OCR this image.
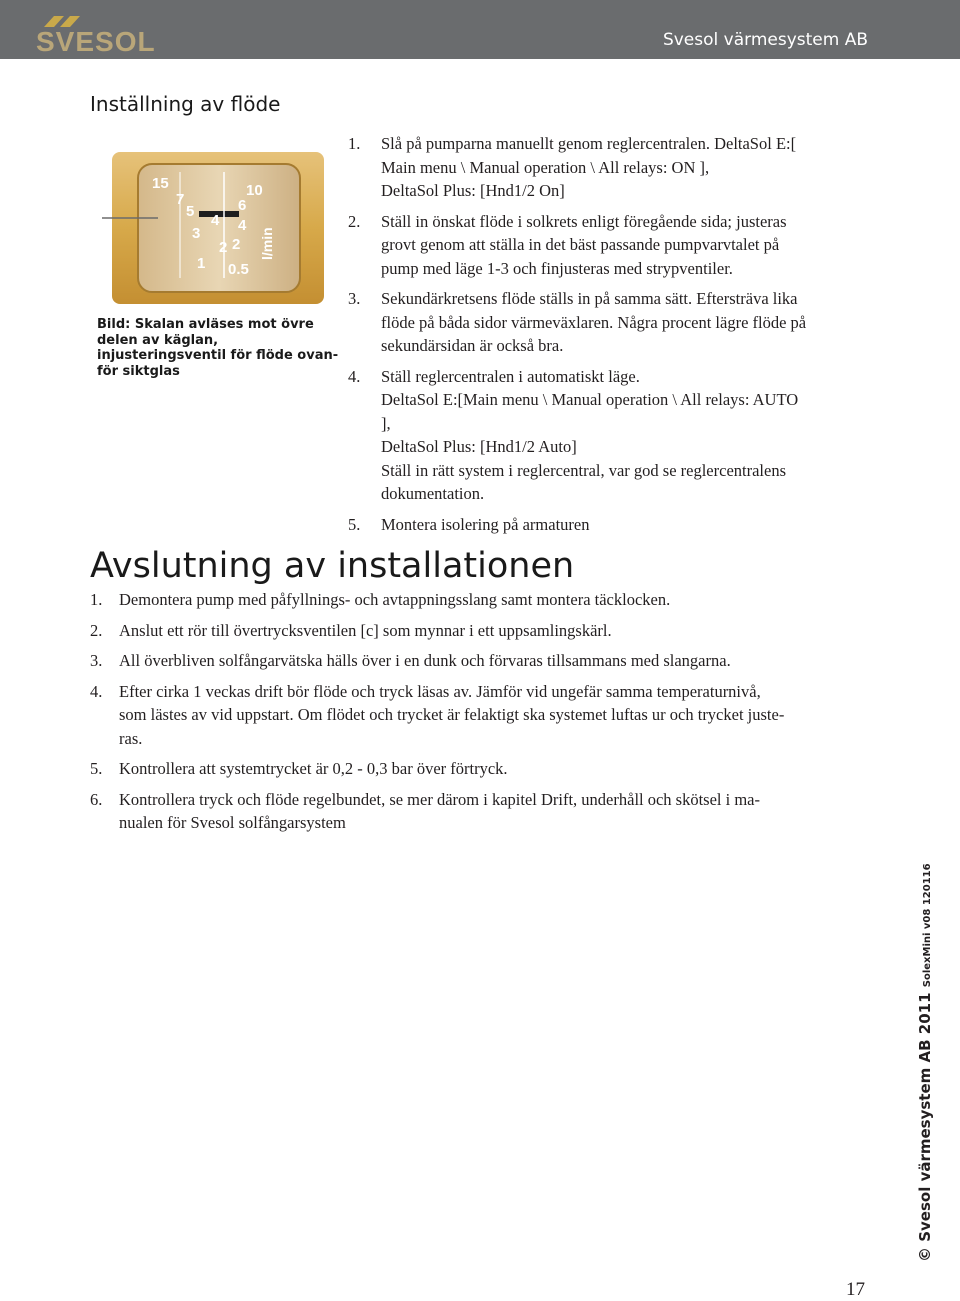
SVESOL	Svesol värmesystem AB
Inställning av flöde
15
7
5
4
3
2
1
10
6
4
2
0.5
l/min
Bild: Skalan avläses mot övre
delen av käglan,
injusteringsventil för flöde ovan-
för siktglas
1. Slå på pumparna manuellt genom reglercentralen. DeltaSol E:[
Main menu \ Manual operation \ All relays: ON ],
DeltaSol Plus: [Hnd1/2 On]
2. Ställ in önskat flöde i solkrets enligt föregående sida; justeras
grovt genom att ställa in det bäst passande pumpvarvtalet på
pump med läge 1-3 och finjusteras med strypventiler.
3. Sekundärkretsens flöde ställs in på samma sätt. Eftersträva lika
flöde på båda sidor värmeväxlaren. Några procent lägre flöde på
sekundärsidan är också bra.
4. Ställ reglercentralen i automatiskt läge.
DeltaSol E:[Main menu \ Manual operation \ All relays: AUTO
],
DeltaSol Plus: [Hnd1/2 Auto]
Ställ in rätt system i reglercentral, var god se reglercentralens
dokumentation.
5. Montera isolering på armaturen
Avslutning av installationen
1. Demontera pump med påfyllnings- och avtappningsslang samt montera täcklocken.
2. Anslut ett rör till övertrycksventilen [c] som mynnar i ett uppsamlingskärl.
3. All överbliven solfångarvätska hälls över i en dunk och förvaras tillsammans med slangarna.
4. Efter cirka 1 veckas drift bör flöde och tryck läsas av. Jämför vid ungefär samma temperaturnivå,
som lästes av vid uppstart. Om flödet och trycket är felaktigt ska systemet luftas ur och trycket juste-
ras.
5. Kontrollera att systemtrycket är 0,2 - 0,3 bar över förtryck.
6. Kontrollera tryck och flöde regelbundet, se mer därom i kapitel Drift, underhåll och skötsel i ma-
nualen för Svesol solfångarsystem
© Svesol värmesystem AB 2011 SolexMini v08 120116
17
